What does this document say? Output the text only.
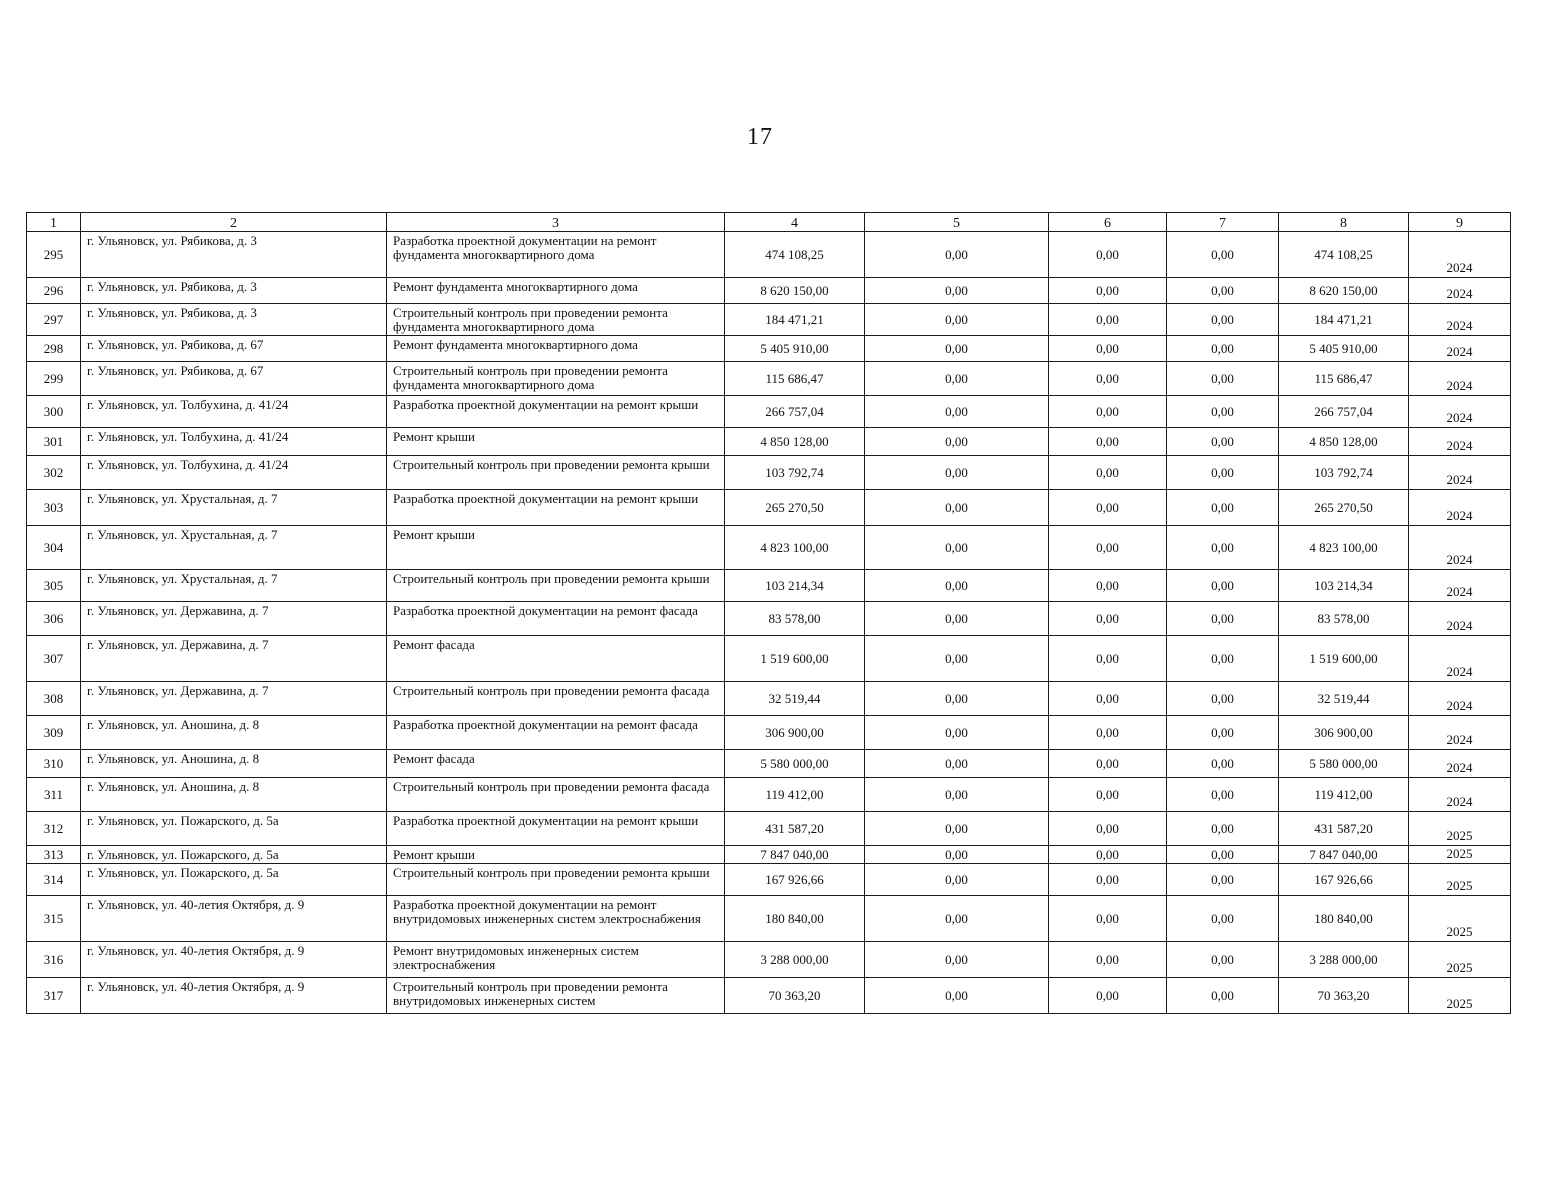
17
1	2	3	4	5	6	7	8	9
295	г. Ульяновск, ул. Рябикова, д. 3	Разработка проектной документации на ремонт фундамента многоквартирного дома	474 108,25	0,00	0,00	0,00	474 108,25	2024
296	г. Ульяновск, ул. Рябикова, д. 3	Ремонт фундамента многоквартирного дома	8 620 150,00	0,00	0,00	0,00	8 620 150,00	2024
297	г. Ульяновск, ул. Рябикова, д. 3	Строительный контроль при проведении ремонта фундамента многоквартирного дома	184 471,21	0,00	0,00	0,00	184 471,21	2024
298	г. Ульяновск, ул. Рябикова, д. 67	Ремонт фундамента многоквартирного дома	5 405 910,00	0,00	0,00	0,00	5 405 910,00	2024
299	г. Ульяновск, ул. Рябикова, д. 67	Строительный контроль при проведении ремонта фундамента многоквартирного дома	115 686,47	0,00	0,00	0,00	115 686,47	2024
300	г. Ульяновск, ул. Толбухина, д. 41/24	Разработка проектной документации на ремонт крыши	266 757,04	0,00	0,00	0,00	266 757,04	2024
301	г. Ульяновск, ул. Толбухина, д. 41/24	Ремонт крыши	4 850 128,00	0,00	0,00	0,00	4 850 128,00	2024
302	г. Ульяновск, ул. Толбухина, д. 41/24	Строительный контроль при проведении ремонта крыши	103 792,74	0,00	0,00	0,00	103 792,74	2024
303	г. Ульяновск, ул. Хрустальная, д. 7	Разработка проектной документации на ремонт крыши	265 270,50	0,00	0,00	0,00	265 270,50	2024
304	г. Ульяновск, ул. Хрустальная, д. 7	Ремонт крыши	4 823 100,00	0,00	0,00	0,00	4 823 100,00	2024
305	г. Ульяновск, ул. Хрустальная, д. 7	Строительный контроль при проведении ремонта крыши	103 214,34	0,00	0,00	0,00	103 214,34	2024
306	г. Ульяновск, ул. Державина, д. 7	Разработка проектной документации на ремонт фасада	83 578,00	0,00	0,00	0,00	83 578,00	2024
307	г. Ульяновск, ул. Державина, д. 7	Ремонт фасада	1 519 600,00	0,00	0,00	0,00	1 519 600,00	2024
308	г. Ульяновск, ул. Державина, д. 7	Строительный контроль при проведении ремонта фасада	32 519,44	0,00	0,00	0,00	32 519,44	2024
309	г. Ульяновск, ул. Аношина, д. 8	Разработка проектной документации на ремонт фасада	306 900,00	0,00	0,00	0,00	306 900,00	2024
310	г. Ульяновск, ул. Аношина, д. 8	Ремонт фасада	5 580 000,00	0,00	0,00	0,00	5 580 000,00	2024
311	г. Ульяновск, ул. Аношина, д. 8	Строительный контроль при проведении ремонта фасада	119 412,00	0,00	0,00	0,00	119 412,00	2024
312	г. Ульяновск, ул. Пожарского, д. 5а	Разработка проектной документации на ремонт крыши	431 587,20	0,00	0,00	0,00	431 587,20	2025
313	г. Ульяновск, ул. Пожарского, д. 5а	Ремонт крыши	7 847 040,00	0,00	0,00	0,00	7 847 040,00	2025
314	г. Ульяновск, ул. Пожарского, д. 5а	Строительный контроль при проведении ремонта крыши	167 926,66	0,00	0,00	0,00	167 926,66	2025
315	г. Ульяновск, ул. 40-летия Октября, д. 9	Разработка проектной документации на ремонт внутридомовых инженерных систем электроснабжения	180 840,00	0,00	0,00	0,00	180 840,00	2025
316	г. Ульяновск, ул. 40-летия Октября, д. 9	Ремонт внутридомовых инженерных систем электроснабжения	3 288 000,00	0,00	0,00	0,00	3 288 000,00	2025
317	г. Ульяновск, ул. 40-летия Октября, д. 9	Строительный контроль при проведении ремонта внутридомовых инженерных систем	70 363,20	0,00	0,00	0,00	70 363,20	2025
